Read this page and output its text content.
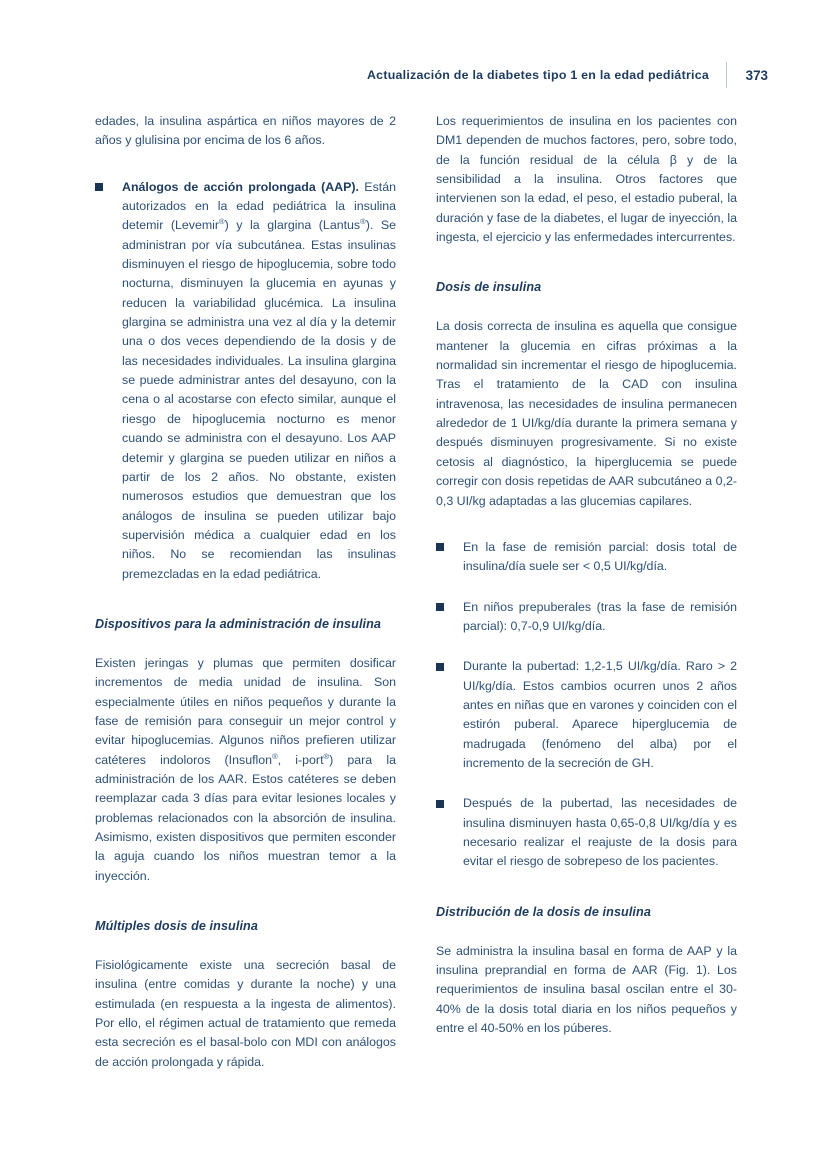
Actualización de la diabetes tipo 1 en la edad pediátrica	373

edades, la insulina aspártica en niños mayores de 2 años y glulisina por encima de los 6 años.

Análogos de acción prolongada (AAP). Están autorizados en la edad pediátrica la insulina detemir (Levemir®) y la glargina (Lantus®). Se administran por vía subcutánea. Estas insulinas disminuyen el riesgo de hipoglucemia, sobre todo nocturna, disminuyen la glucemia en ayunas y reducen la variabilidad glucémica. La insulina glargina se administra una vez al día y la detemir una o dos veces dependiendo de la dosis y de las necesidades individuales. La insulina glargina se puede administrar antes del desayuno, con la cena o al acostarse con efecto similar, aunque el riesgo de hipoglucemia nocturno es menor cuando se administra con el desayuno. Los AAP detemir y glargina se pueden utilizar en niños a partir de los 2 años. No obstante, existen numerosos estudios que demuestran que los análogos de insulina se pueden utilizar bajo supervisión médica a cualquier edad en los niños. No se recomiendan las insulinas premezcladas en la edad pediátrica.
Dispositivos para la administración de insulina

Existen jeringas y plumas que permiten dosificar incrementos de media unidad de insulina. Son especialmente útiles en niños pequeños y durante la fase de remisión para conseguir un mejor control y evitar hipoglucemias. Algunos niños prefieren utilizar catéteres indoloros (Insuflon®, i-port®) para la administración de los AAR. Estos catéteres se deben reemplazar cada 3 días para evitar lesiones locales y problemas relacionados con la absorción de insulina. Asimismo, existen dispositivos que permiten esconder la aguja cuando los niños muestran temor a la inyección.

Múltiples dosis de insulina

Fisiológicamente existe una secreción basal de insulina (entre comidas y durante la noche) y una estimulada (en respuesta a la ingesta de alimentos). Por ello, el régimen actual de tratamiento que remeda esta secreción es el basal-bolo con MDI con análogos de acción prolongada y rápida.

Los requerimientos de insulina en los pacientes con DM1 dependen de muchos factores, pero, sobre todo, de la función residual de la célula β y de la sensibilidad a la insulina. Otros factores que intervienen son la edad, el peso, el estadio puberal, la duración y fase de la diabetes, el lugar de inyección, la ingesta, el ejercicio y las enfermedades intercurrentes.

Dosis de insulina

La dosis correcta de insulina es aquella que consigue mantener la glucemia en cifras próximas a la normalidad sin incrementar el riesgo de hipoglucemia. Tras el tratamiento de la CAD con insulina intravenosa, las necesidades de insulina permanecen alrededor de 1 UI/kg/día durante la primera semana y después disminuyen progresivamente. Si no existe cetosis al diagnóstico, la hiperglucemia se puede corregir con dosis repetidas de AAR subcutáneo a 0,2-0,3 UI/kg adaptadas a las glucemias capilares.

En la fase de remisión parcial: dosis total de insulina/día suele ser < 0,5 UI/kg/día.
En niños prepuberales (tras la fase de remisión parcial): 0,7-0,9 UI/kg/día.
Durante la pubertad: 1,2-1,5 UI/kg/día. Raro > 2 UI/kg/día. Estos cambios ocurren unos 2 años antes en niñas que en varones y coinciden con el estirón puberal. Aparece hiperglucemia de madrugada (fenómeno del alba) por el incremento de la secreción de GH.
Después de la pubertad, las necesidades de insulina disminuyen hasta 0,65-0,8 UI/kg/día y es necesario realizar el reajuste de la dosis para evitar el riesgo de sobrepeso de los pacientes.
Distribución de la dosis de insulina

Se administra la insulina basal en forma de AAP y la insulina preprandial en forma de AAR (Fig. 1). Los requerimientos de insulina basal oscilan entre el 30-40% de la dosis total diaria en los niños pequeños y entre el 40-50% en los púberes.
